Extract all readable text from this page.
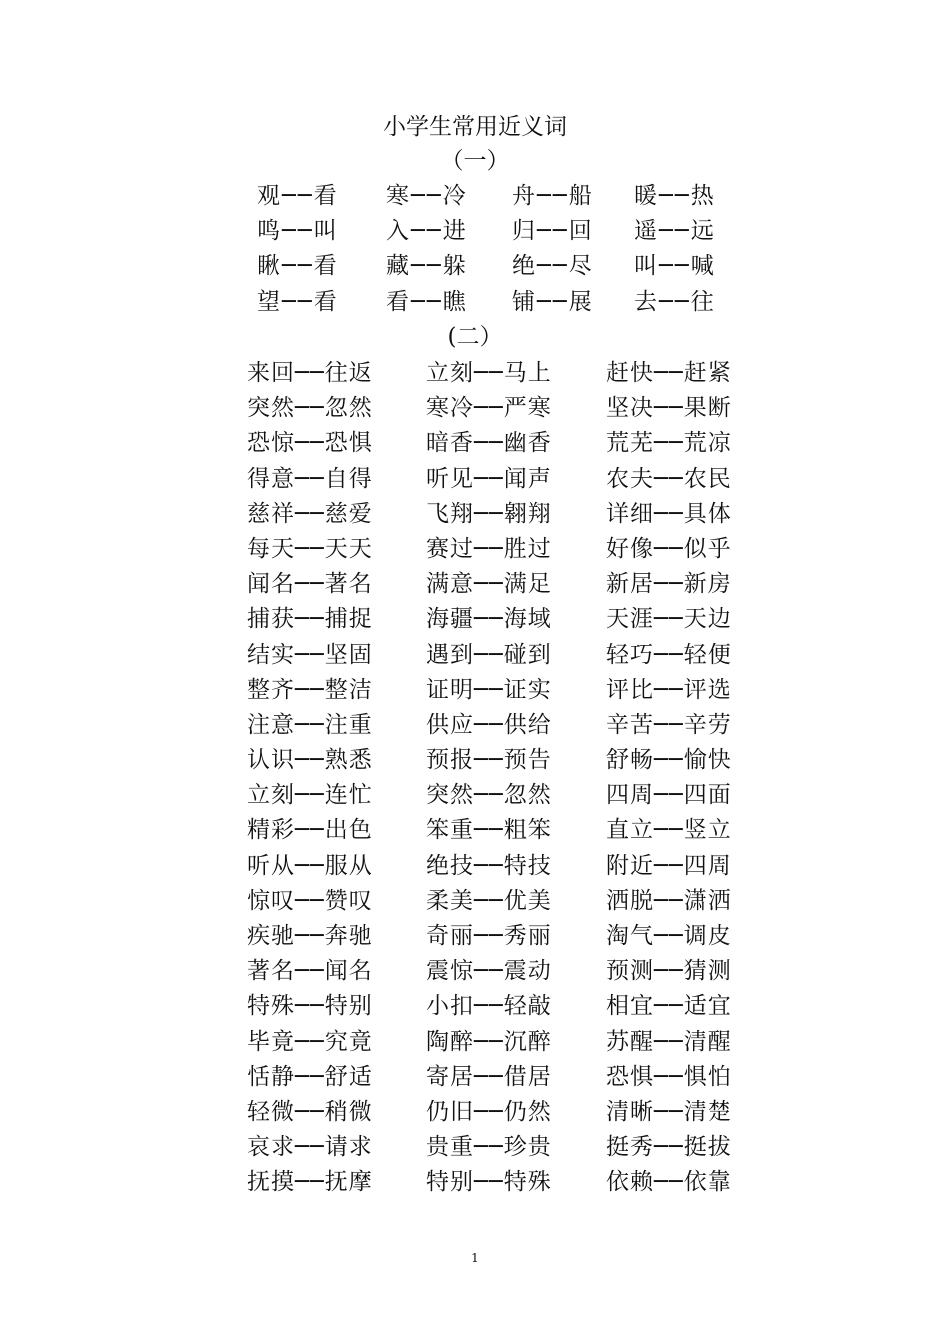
小学生常用近义词
（一）
观──看 寒──冷 舟──船 暖──热
鸣──叫 入──进 归──回 遥──远
瞅──看 藏──躲 绝──尽 叫──喊
望──看 看──瞧 铺──展 去──往
(二）
来回──往返 立刻──马上 赶快──赶紧
突然──忽然 寒冷──严寒 坚决──果断
恐惊──恐惧 暗香──幽香 荒芜──荒凉
得意──自得 听见──闻声 农夫──农民
慈祥──慈爱 飞翔──翱翔 详细──具体
每天──天天 赛过──胜过 好像──似乎
闻名──著名 满意──满足 新居──新房
捕获──捕捉 海疆──海域 天涯──天边
结实──坚固 遇到──碰到 轻巧──轻便
整齐──整洁 证明──证实 评比──评选
注意──注重 供应──供给 辛苦──辛劳
认识──熟悉 预报──预告 舒畅──愉快
立刻──连忙 突然──忽然 四周──四面
精彩──出色 笨重──粗笨 直立──竖立
听从──服从 绝技──特技 附近──四周
惊叹──赞叹 柔美──优美 洒脱──潇洒
疾驰──奔驰 奇丽──秀丽 淘气──调皮
著名──闻名 震惊──震动 预测──猜测
特殊──特别 小扣──轻敲 相宜──适宜
毕竟──究竟 陶醉──沉醉 苏醒──清醒
恬静──舒适 寄居──借居 恐惧──惧怕
轻微──稍微 仍旧──仍然 清晰──清楚
哀求──请求 贵重──珍贵 挺秀──挺拔
抚摸──抚摩 特别──特殊 依赖──依靠
1
